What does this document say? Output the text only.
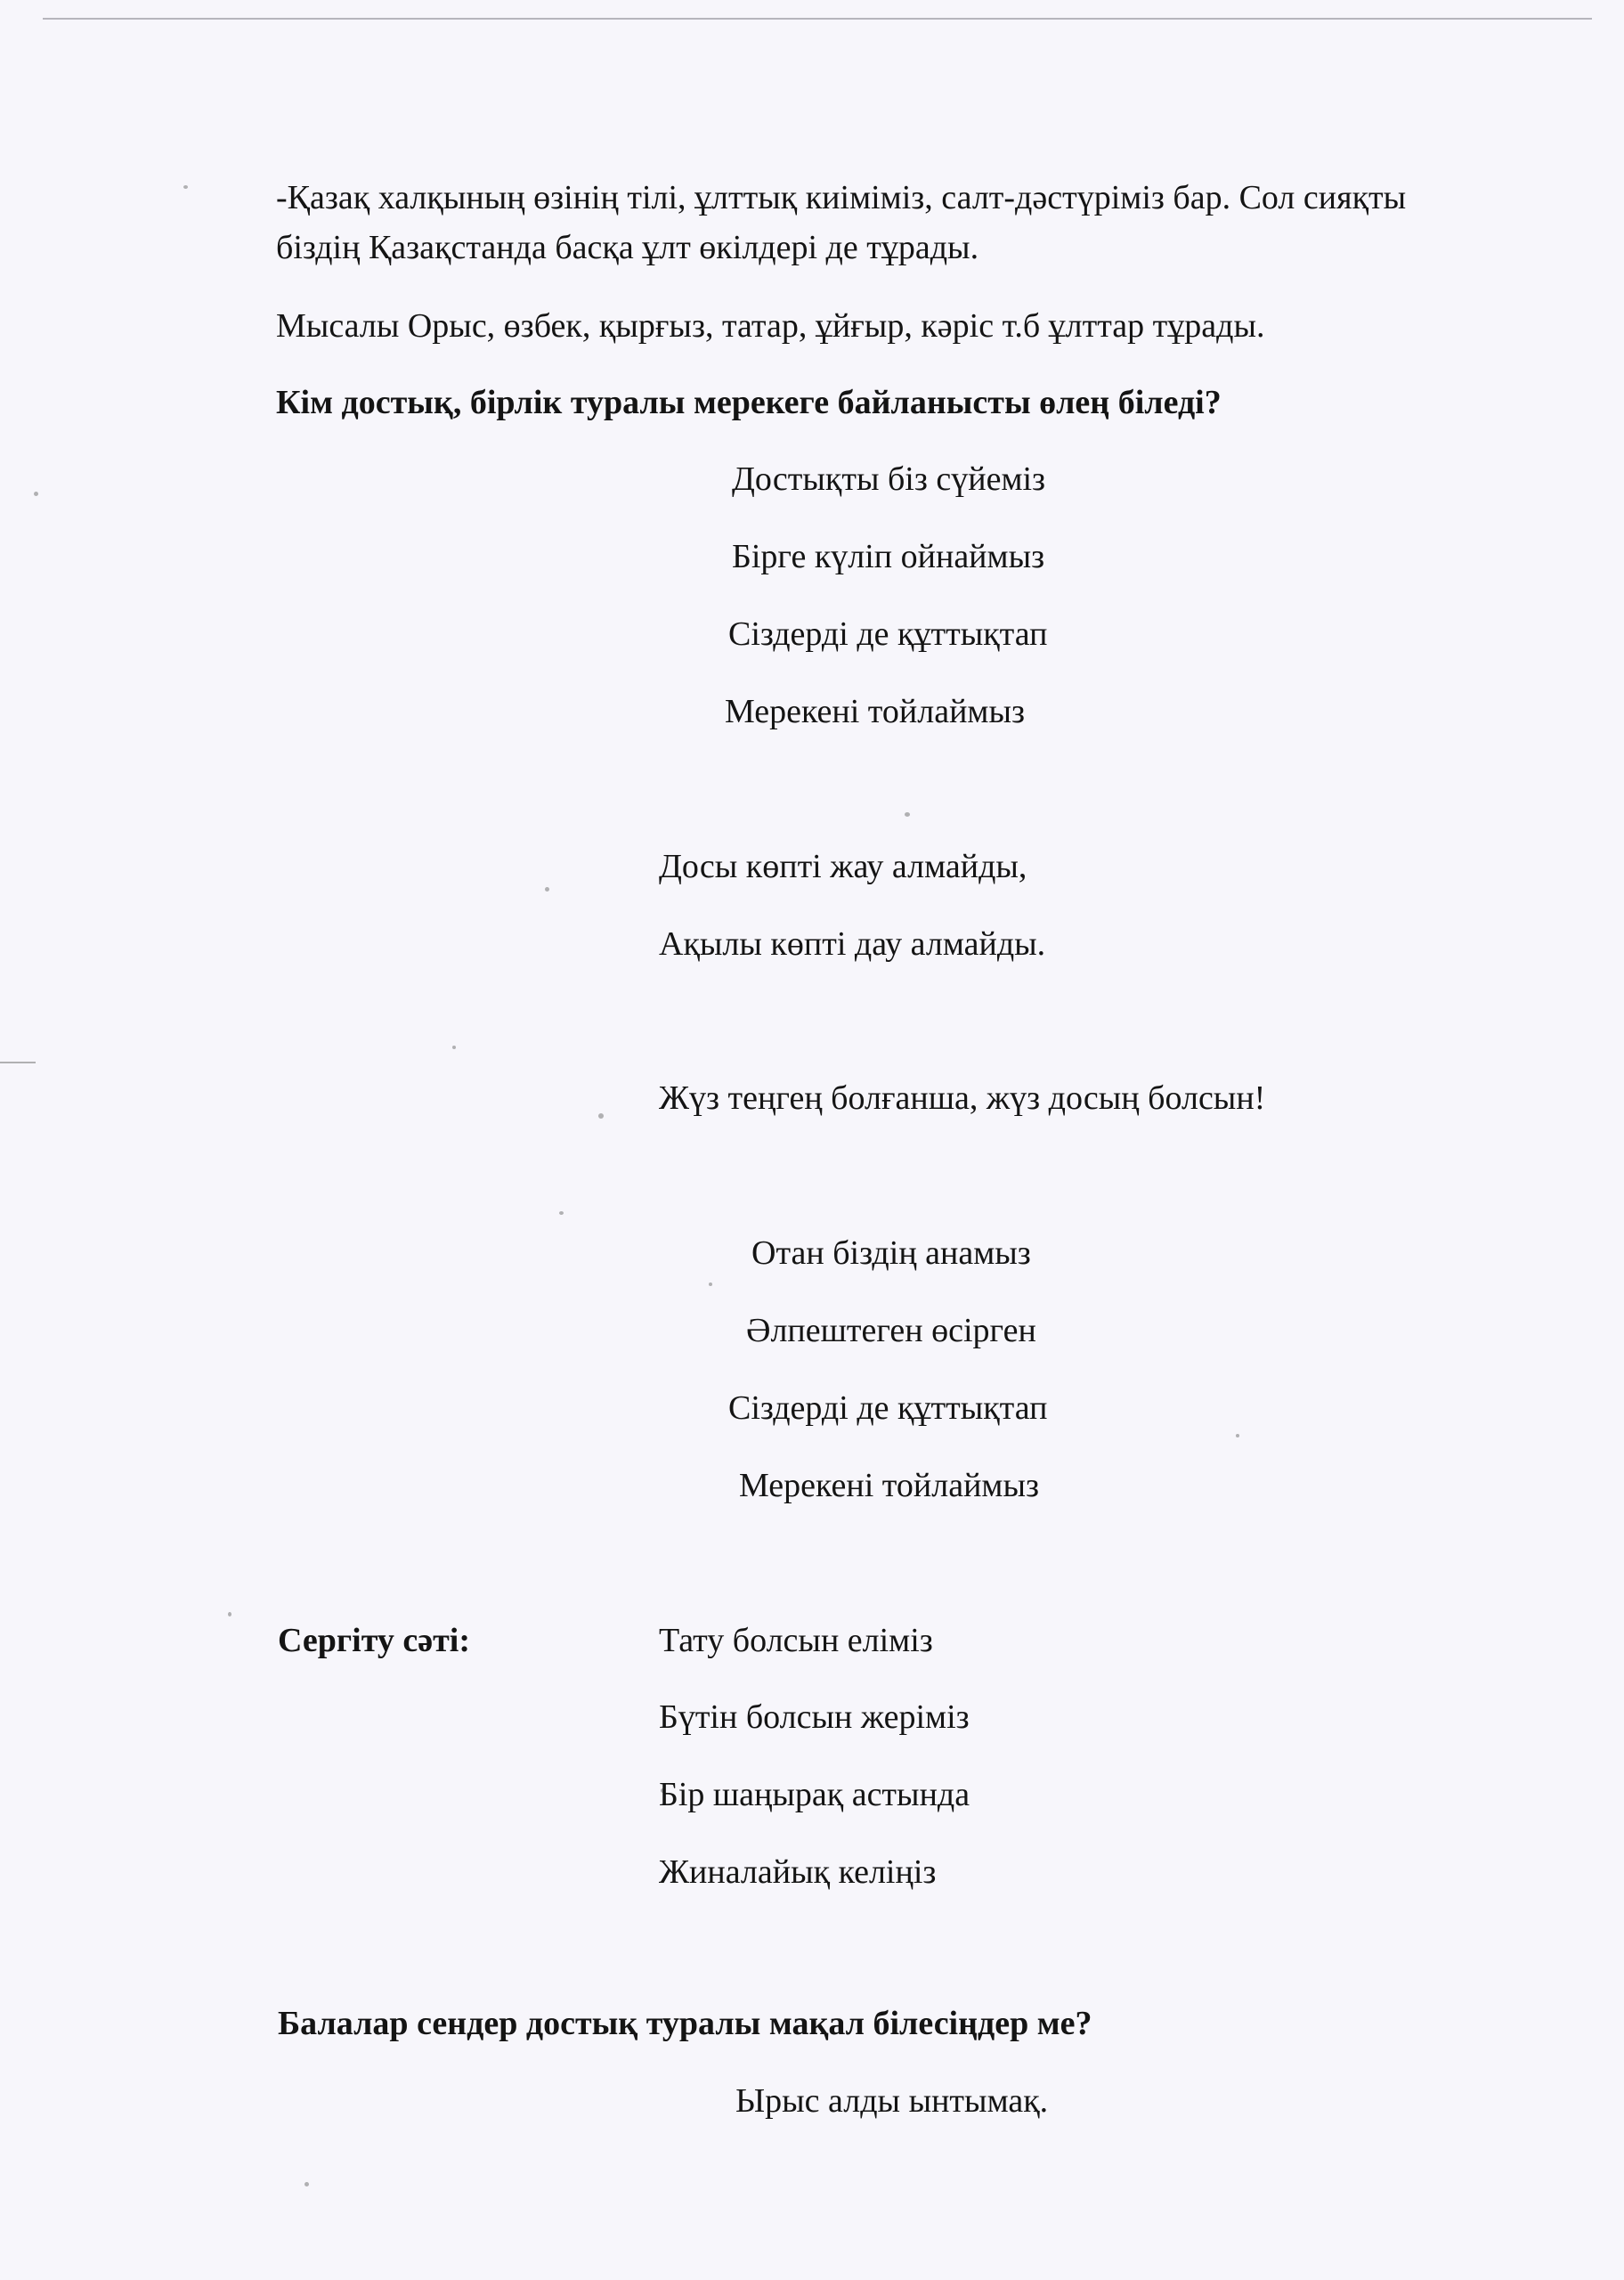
-Қазақ халқының өзінің тілі, ұлттық киіміміз, салт-дәстүріміз бар. Сол сияқты
біздің Қазақстанда басқа ұлт өкілдері де тұрады.
Мысалы Орыс, өзбек, қырғыз, татар, ұйғыр, кәріс т.б ұлттар тұрады.
Кім достық, бірлік туралы мерекеге байланысты өлең біледі?
Достықты біз сүйеміз
Бірге күліп ойнаймыз
Сіздерді де құттықтап
Мерекені тойлаймыз
Досы көпті жау алмайды,
Ақылы көпті дау алмайды.
Жүз теңгең болғанша, жүз досың болсын!
Отан біздің анамыз
Әлпештеген өсірген
Сіздерді де құттықтап
Мерекені тойлаймыз
Сергіту сәті:	Тату болсын еліміз
Бүтін болсын жеріміз
Бір шаңырақ астында
Жиналайық келіңіз
Балалар сендер достық туралы мақал білесіңдер ме?
Ырыс алды ынтымақ.
